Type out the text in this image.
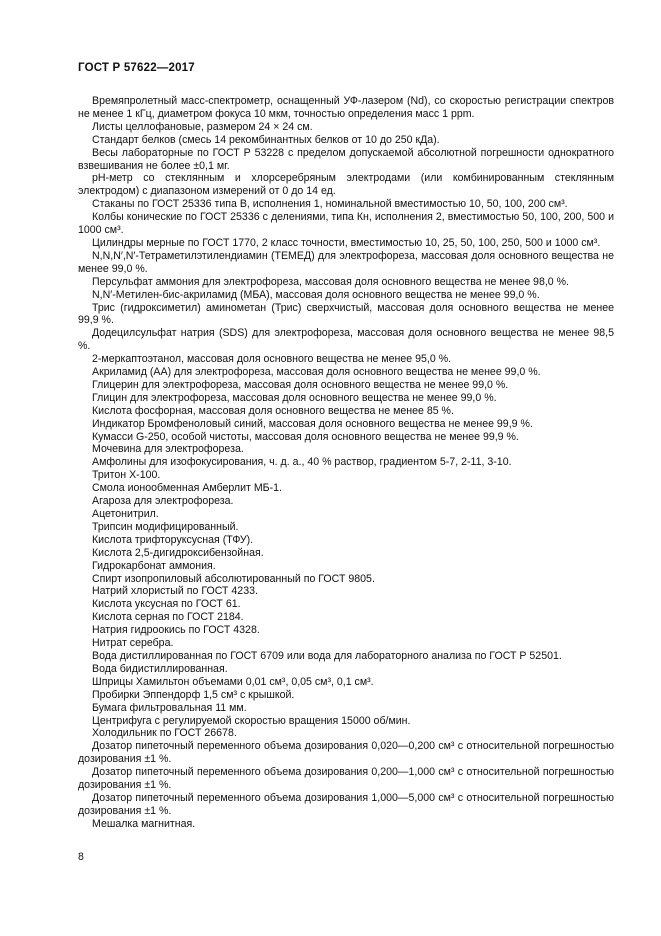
ГОСТ Р 57622—2017

Времяпролетный масс-спектрометр, оснащенный УФ-лазером (Nd), со скоростью регистрации спектров не менее 1 кГц, диаметром фокуса 10 мкм, точностью определения масс 1 ppm.

Листы целлофановые, размером 24 × 24 см.

Стандарт белков (смесь 14 рекомбинантных белков от 10 до 250 кДа).

Весы лабораторные по ГОСТ Р 53228 с пределом допускаемой абсолютной погрешности однократного взвешивания не более ±0,1 мг.

рН-метр со стеклянным и хлорсеребряным электродами (или комбинированным стеклянным электродом) с диапазоном измерений от 0 до 14 ед.

Стаканы по ГОСТ 25336 типа В, исполнения 1, номинальной вместимостью 10, 50, 100, 200 см³.

Колбы конические по ГОСТ 25336 с делениями, типа Кн, исполнения 2, вместимостью 50, 100, 200, 500 и 1000 см³.

Цилиндры мерные по ГОСТ 1770, 2 класс точности, вместимостью 10, 25, 50, 100, 250, 500 и 1000 см³.

N,N,N′,N′-Тетраметилэтилендиамин (ТЕМЕД) для электрофореза, массовая доля основного вещества не менее 99,0 %.

Персульфат аммония для электрофореза, массовая доля основного вещества не менее 98,0 %.

N,N′-Метилен-бис-акриламид (МБА), массовая доля основного вещества не менее 99,0 %.

Трис (гидроксиметил) аминометан (Трис) сверхчистый, массовая доля основного вещества не менее 99,9 %.

Додецилсульфат натрия (SDS) для электрофореза, массовая доля основного вещества не менее 98,5 %.

2-меркаптоэтанол, массовая доля основного вещества не менее 95,0 %.

Акриламид (АА) для электрофореза, массовая доля основного вещества не менее 99,0 %.

Глицерин для электрофореза, массовая доля основного вещества не менее 99,0 %.

Глицин для электрофореза, массовая доля основного вещества не менее 99,0 %.

Кислота фосфорная, массовая доля основного вещества не менее 85 %.

Индикатор Бромфеноловый синий, массовая доля основного вещества не менее 99,9 %.

Кумасси G-250, особой чистоты, массовая доля основного вещества не менее 99,9 %.

Мочевина для электрофореза.

Амфолины для изофокусирования, ч. д. а., 40 % раствор, градиентом 5-7, 2-11, 3-10.

Тритон Х-100.

Смола ионообменная Амберлит МБ-1.

Агароза для электрофореза.

Ацетонитрил.

Трипсин модифицированный.

Кислота трифторуксусная (ТФУ).

Кислота 2,5-дигидроксибензойная.

Гидрокарбонат аммония.

Спирт изопропиловый абсолютированный по ГОСТ 9805.

Натрий хлористый по ГОСТ 4233.

Кислота уксусная по ГОСТ 61.

Кислота серная по ГОСТ 2184.

Натрия гидроокись по ГОСТ 4328.

Нитрат серебра.

Вода дистиллированная по ГОСТ 6709 или вода для лабораторного анализа по ГОСТ Р 52501.

Вода бидистиллированная.

Шприцы Хамильтон объемами 0,01 см³, 0,05 см³, 0,1 см³.

Пробирки Эппендорф 1,5 см³ с крышкой.

Бумага фильтровальная 11 мм.

Центрифуга с регулируемой скоростью вращения 15000 об/мин.

Холодильник по ГОСТ 26678.

Дозатор пипеточный переменного объема дозирования 0,020—0,200 см³ с относительной погрешностью дозирования ±1 %.

Дозатор пипеточный переменного объема дозирования 0,200—1,000 см³ с относительной погрешностью дозирования ±1 %.

Дозатор пипеточный переменного объема дозирования 1,000—5,000 см³ с относительной погрешностью дозирования ±1 %.

Мешалка магнитная.

8
